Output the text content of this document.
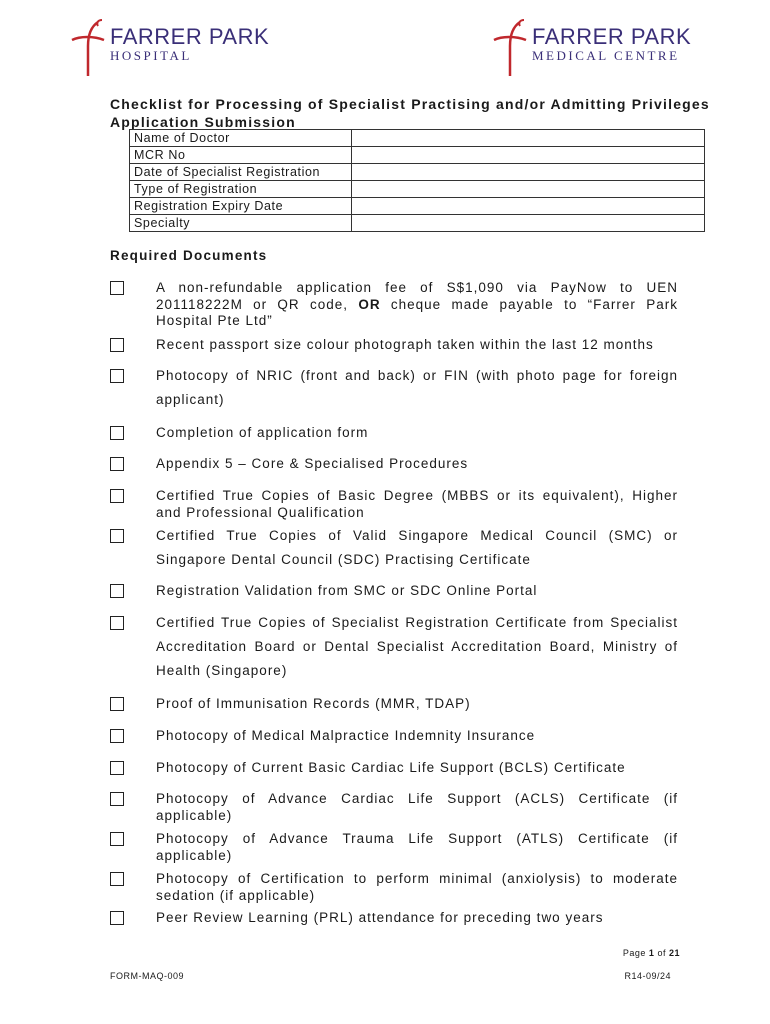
FARRER PARK
HOSPITAL
FARRER PARK
MEDICAL CENTRE
Checklist for Processing of Specialist Practising and/or Admitting Privileges Application Submission
Name of Doctor	
MCR No	
Date of Specialist Registration	
Type of Registration	
Registration Expiry Date	
Specialty	
Required Documents
A non-refundable application fee of S$1,090 via PayNow to UEN 201118222M or QR code, OR cheque made payable to “Farrer Park Hospital Pte Ltd”
Recent passport size colour photograph taken within the last 12 months
Photocopy of NRIC (front and back) or FIN (with photo page for foreign applicant)
Completion of application form
Appendix 5 – Core & Specialised Procedures
Certified True Copies of Basic Degree (MBBS or its equivalent), Higher and Professional Qualification
Certified True Copies of Valid Singapore Medical Council (SMC) or Singapore Dental Council (SDC) Practising Certificate
Registration Validation from SMC or SDC Online Portal
Certified True Copies of Specialist Registration Certificate from Specialist Accreditation Board or Dental Specialist Accreditation Board, Ministry of Health (Singapore)
Proof of Immunisation Records (MMR, TDAP)
Photocopy of Medical Malpractice Indemnity Insurance
Photocopy of Current Basic Cardiac Life Support (BCLS) Certificate
Photocopy of Advance Cardiac Life Support (ACLS) Certificate (if applicable)
Photocopy of Advance Trauma Life Support (ATLS) Certificate (if applicable)
Photocopy of Certification to perform minimal (anxiolysis) to moderate sedation (if applicable)
Peer Review Learning (PRL) attendance for preceding two years
Page 1 of 21
FORM-MAQ-009	R14-09/24
